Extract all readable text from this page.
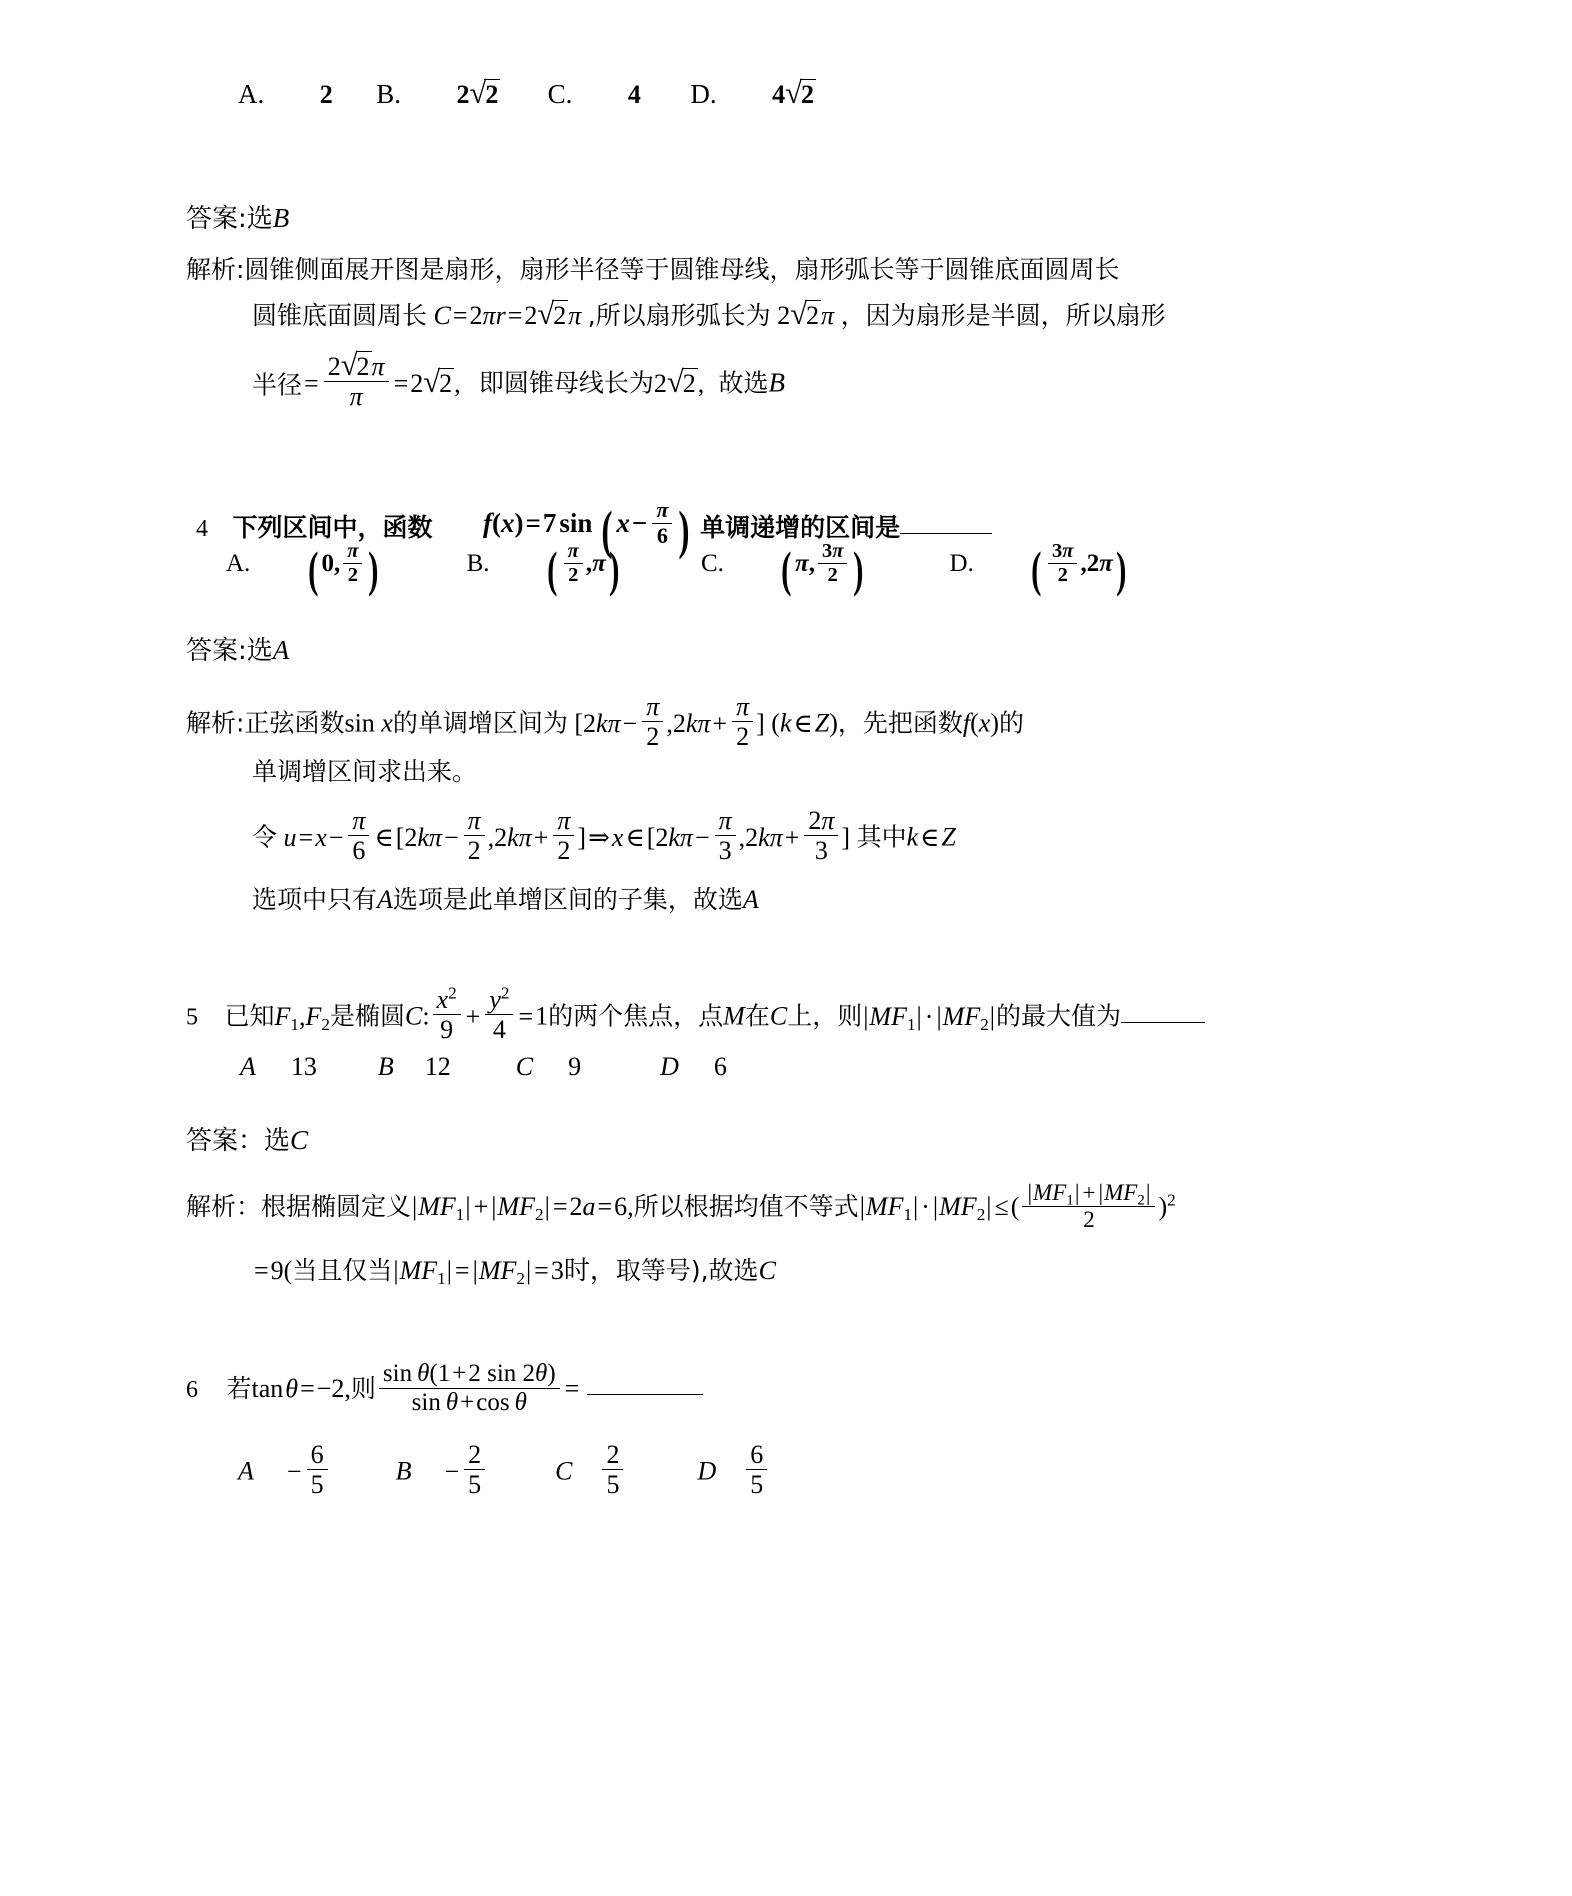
A. 2 B. 2√2 C. 4 D. 4√2
答案:选B
解析:圆锥侧面展开图是扇形，扇形半径等于圆锥母线，扇形弧长等于圆锥底面圆周长
圆锥底面圆周长 C=2πr=2√2π ,所以扇形弧长为 2√2π ，因为扇形是半圆，所以扇形
半径= $\frac{2√2\pi}{\pi} =2√2$, 即圆锥母线长为2√2, 故选B
4 下列区间中，函数 f(x)=7 sin ( $x- \frac{\pi}{6}$ ) 单调递增的区间是
A. ( 0, $\frac{\pi}{2}$ )	B. ( $\frac{\pi}{2} ,\pi$)	C. ( π, $\frac{3\pi}{2}$ )	D. ( $\frac{3\pi}{2} ,2\pi$)
答案:选A
解析:正弦函数sin x的单调增区间为 [$2k\pi- \frac{\pi}{2} ,2k\pi+ \frac{\pi}{2}$ ] (k∈Z)，先把函数f(x)的
单调增区间求出来。
令 $u=x- \frac{\pi}{6}$ ∈[2kπ− $\frac{\pi}{2} ,2k\pi+ \frac{\pi}{2}$ ]⇒x∈[2kπ− $\frac{\pi}{3} ,2k\pi+ \frac{2\pi}{3}$ ] 其中k∈Z
选项中只有A选项是此单增区间的子集，故选A
5 已知$F_1,F_2$是椭圆C: $\frac{x^2}{9} + \frac{y^2}{4} =1$的两个焦点，点M在C上，则$|MF_1| \cdot |MF_2|$的最大值为
A 13 B 12	C 9	D 6
答案：选C
解析：根据椭圆定义$|MF_1| + |MF_2| =2a=6$,所以根据均值不等式$|MF_1| \cdot |MF_2|$ ≤( $\frac{|MF_1| + |MF_2|}{2} )^2$
=9(当且仅当$|MF_1| = |MF_2| =3$时，取等号),故选C
6 若tanθ=−2,则 $\frac{\text{sin θ(1+2 sin 2θ)}}{\text{sin θ+cos θ}}$ =
$A - \frac{6}{5}$	$B - \frac{2}{5}$	C $\frac{2}{5}$	D $\frac{6}{5}$
